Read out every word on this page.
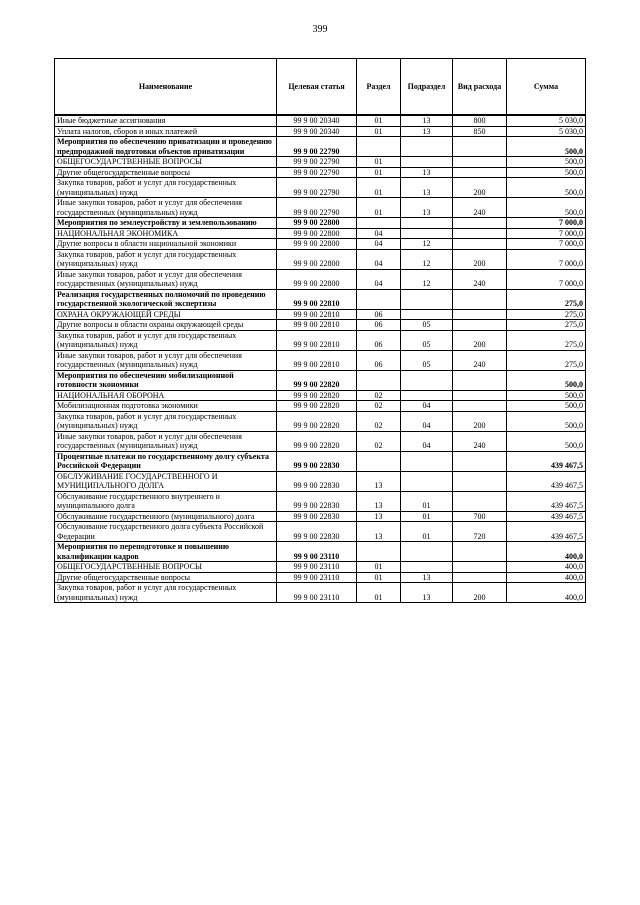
399
Наименование	Целевая статья	Раздел	Подраздел	Вид расхода	Сумма
Иные бюджетные ассигнования	99 9 00 20340	01	13	800	5 030,0
Уплата налогов, сборов и иных платежей	99 9 00 20340	01	13	850	5 030,0
Мероприятия по обеспечению приватизации и проведению предпродажной подготовки объектов приватизации	99 9 00 22790				500,0
ОБЩЕГОСУДАРСТВЕННЫЕ ВОПРОСЫ	99 9 00 22790	01			500,0
Другие общегосударственные вопросы	99 9 00 22790	01	13		500,0
Закупка товаров, работ и услуг для государственных (муниципальных) нужд	99 9 00 22790	01	13	200	500,0
Иные закупки товаров, работ и услуг для обеспечения государственных (муниципальных) нужд	99 9 00 22790	01	13	240	500,0
Мероприятия по землеустройству и землепользованию	99 9 00 22800				7 000,0
НАЦИОНАЛЬНАЯ ЭКОНОМИКА	99 9 00 22800	04			7 000,0
Другие вопросы в области национальной экономики	99 9 00 22800	04	12		7 000,0
Закупка товаров, работ и услуг для государственных (муниципальных) нужд	99 9 00 22800	04	12	200	7 000,0
Иные закупки товаров, работ и услуг для обеспечения государственных (муниципальных) нужд	99 9 00 22800	04	12	240	7 000,0
Реализация государственных полномочий по проведению государственной экологической экспертизы	99 9 00 22810				275,0
ОХРАНА ОКРУЖАЮЩЕЙ СРЕДЫ	99 9 00 22810	06			275,0
Другие вопросы в области охраны окружающей среды	99 9 00 22810	06	05		275,0
Закупка товаров, работ и услуг для государственных (муниципальных) нужд	99 9 00 22810	06	05	200	275,0
Иные закупки товаров, работ и услуг для обеспечения государственных (муниципальных) нужд	99 9 00 22810	06	05	240	275,0
Мероприятия по обеспечению мобилизационной готовности экономики	99 9 00 22820				500,0
НАЦИОНАЛЬНАЯ ОБОРОНА	99 9 00 22820	02			500,0
Мобилизационная подготовка экономики	99 9 00 22820	02	04		500,0
Закупка товаров, работ и услуг для государственных (муниципальных) нужд	99 9 00 22820	02	04	200	500,0
Иные закупки товаров, работ и услуг для обеспечения государственных (муниципальных) нужд	99 9 00 22820	02	04	240	500,0
Процентные платежи по государственному долгу субъекта Российской Федерации	99 9 00 22830				439 467,5
ОБСЛУЖИВАНИЕ ГОСУДАРСТВЕННОГО И МУНИЦИПАЛЬНОГО ДОЛГА	99 9 00 22830	13			439 467,5
Обслуживание государственного внутреннего и муниципального долга	99 9 00 22830	13	01		439 467,5
Обслуживание государственного (муниципального) долга	99 9 00 22830	13	01	700	439 467,5
Обслуживание государственного долга субъекта Российской Федерации	99 9 00 22830	13	01	720	439 467,5
Мероприятия по переподготовке и повышению квалификации кадров	99 9 00 23110				400,0
ОБЩЕГОСУДАРСТВЕННЫЕ ВОПРОСЫ	99 9 00 23110	01			400,0
Другие общегосударственные вопросы	99 9 00 23110	01	13		400,0
Закупка товаров, работ и услуг для государственных (муниципальных) нужд	99 9 00 23110	01	13	200	400,0
